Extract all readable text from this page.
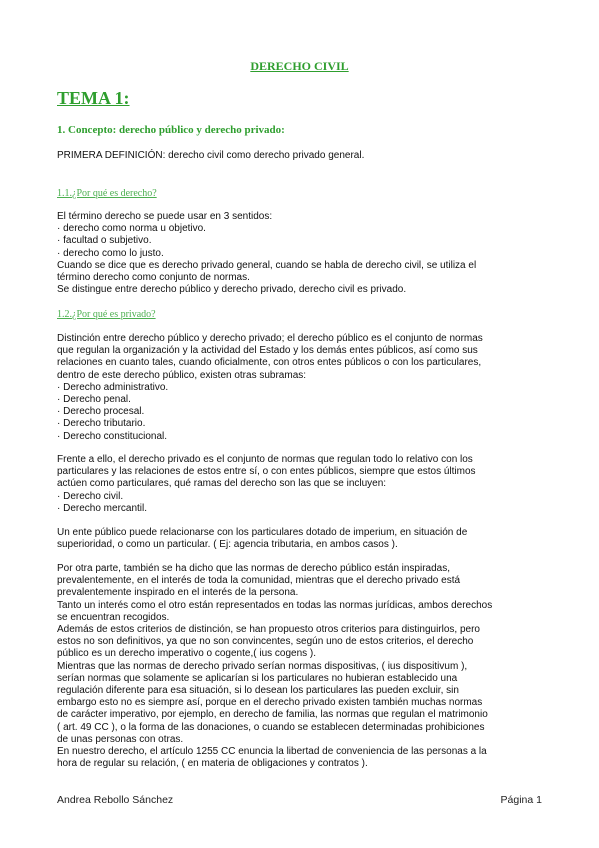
DERECHO CIVIL
TEMA 1:
1. Concepto: derecho público y derecho privado:

PRIMERA DEFINICIÓN: derecho civil como derecho privado general.

1.1.¿Por qué es derecho?
El término derecho se puede usar en 3 sentidos:
· derecho como norma u objetivo.
· facultad o subjetivo.
· derecho como lo justo.
Cuando se dice que es derecho privado general, cuando se habla de derecho civil, se utiliza el
término derecho como conjunto de normas.
Se distingue entre derecho público y derecho privado, derecho civil es privado.
1.2.¿Por qué es privado?
Distinción entre derecho público y derecho privado; el derecho público es el conjunto de normas
que regulan la organización y la actividad del Estado y los demás entes públicos, así como sus
relaciones en cuanto tales, cuando oficialmente, con otros entes públicos o con los particulares,
dentro de este derecho público, existen otras subramas:
· Derecho administrativo.
· Derecho penal.
· Derecho procesal.
· Derecho tributario.
· Derecho constitucional.
Frente a ello, el derecho privado es el conjunto de normas que regulan todo lo relativo con los
particulares y las relaciones de estos entre sí, o con entes públicos, siempre que estos últimos
actúen como particulares, qué ramas del derecho son las que se incluyen:
· Derecho civil.
· Derecho mercantil.
Un ente público puede relacionarse con los particulares dotado de imperium, en situación de
superioridad, o como un particular. ( Ej: agencia tributaria, en ambos casos ).
Por otra parte, también se ha dicho que las normas de derecho público están inspiradas,
prevalentemente, en el interés de toda la comunidad, mientras que el derecho privado está
prevalentemente inspirado en el interés de la persona.
Tanto un interés como el otro están representados en todas las normas jurídicas, ambos derechos
se encuentran recogidos.
Además de estos criterios de distinción, se han propuesto otros criterios para distinguirlos, pero
estos no son definitivos, ya que no son convincentes, según uno de estos criterios, el derecho
público es un derecho imperativo o cogente,( ius cogens ).
Mientras que las normas de derecho privado serían normas dispositivas, ( ius dispositivum ),
serían normas que solamente se aplicarían si los particulares no hubieran establecido una
regulación diferente para esa situación, si lo desean los particulares las pueden excluir, sin
embargo esto no es siempre así, porque en el derecho privado existen también muchas normas
de carácter imperativo, por ejemplo, en derecho de familia, las normas que regulan el matrimonio
( art. 49 CC ), o la forma de las donaciones, o cuando se establecen determinadas prohibiciones
de unas personas con otras.
En nuestro derecho, el artículo 1255 CC enuncia la libertad de conveniencia de las personas a la
hora de regular su relación, ( en materia de obligaciones y contratos ).
Andrea Rebollo Sánchez	Página 1
